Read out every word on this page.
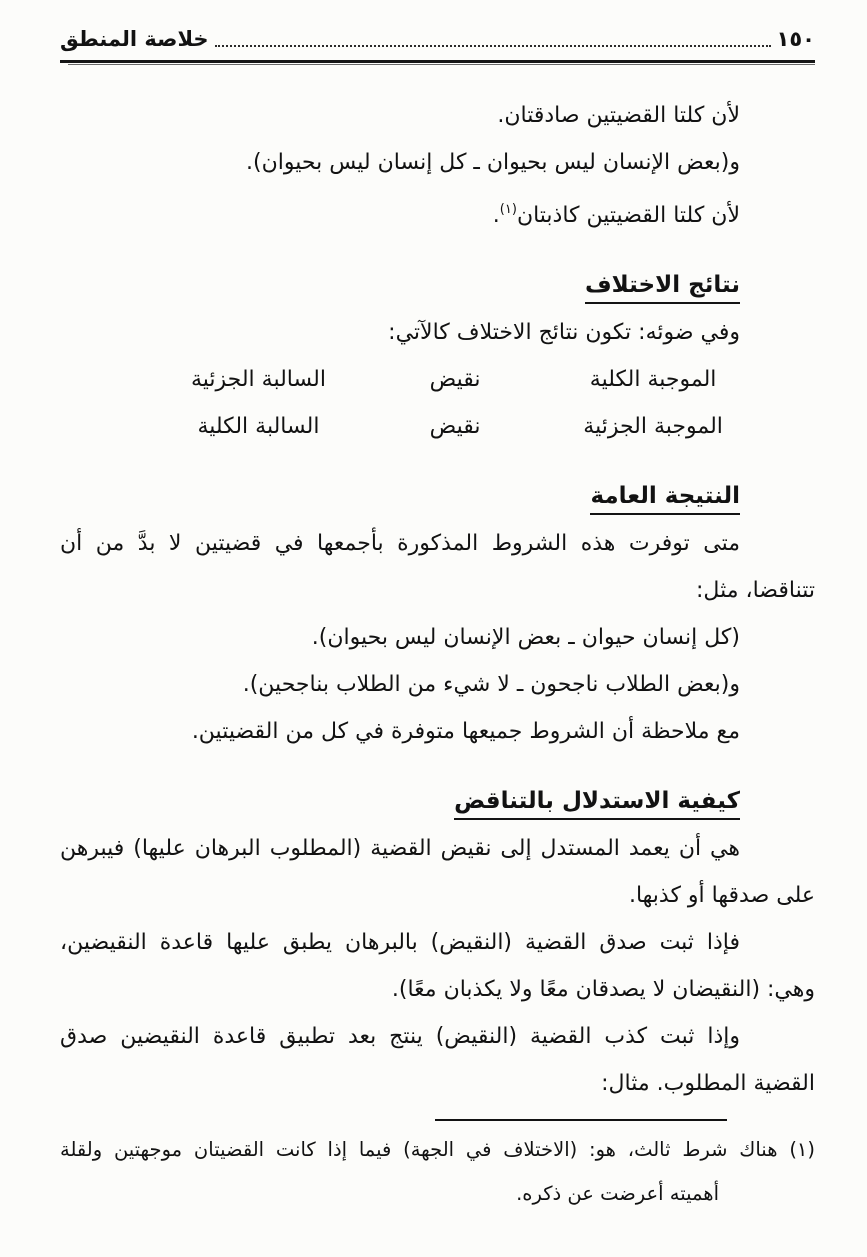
١٥٠
خلاصة المنطق

لأن كلتا القضيتين صادقتان.

و(بعض الإنسان ليس بحيوان ـ كل إنسان ليس بحيوان).

لأن كلتا القضيتين كاذبتان$^{(١)}$.

نتائج الاختلاف

وفي ضوئه: تكون نتائج الاختلاف كالآتي:

الموجبة الكلية
نقيض
السالبة الجزئية
الموجبة الجزئية
نقيض
السالبة الكلية
النتيجة العامة

متى توفرت هذه الشروط المذكورة بأجمعها في قضيتين لا بدَّ من أن

تتناقضا، مثل:

(كل إنسان حيوان ـ بعض الإنسان ليس بحيوان).

و(بعض الطلاب ناجحون ـ لا شيء من الطلاب بناجحين).

مع ملاحظة أن الشروط جميعها متوفرة في كل من القضيتين.

كيفية الاستدلال بالتناقض

هي أن يعمد المستدل إلى نقيض القضية (المطلوب البرهان عليها) فيبرهن

على صدقها أو كذبها.

فإذا ثبت صدق القضية (النقيض) بالبرهان يطبق عليها قاعدة النقيضين،

وهي: (النقيضان لا يصدقان معًا ولا يكذبان معًا).

وإذا ثبت كذب القضية (النقيض) ينتج بعد تطبيق قاعدة النقيضين صدق

القضية المطلوب. مثال:

(١) هناك شرط ثالث، هو: (الاختلاف في الجهة) فيما إذا كانت القضيتان موجهتين ولقلة

أهميته أعرضت عن ذكره.
